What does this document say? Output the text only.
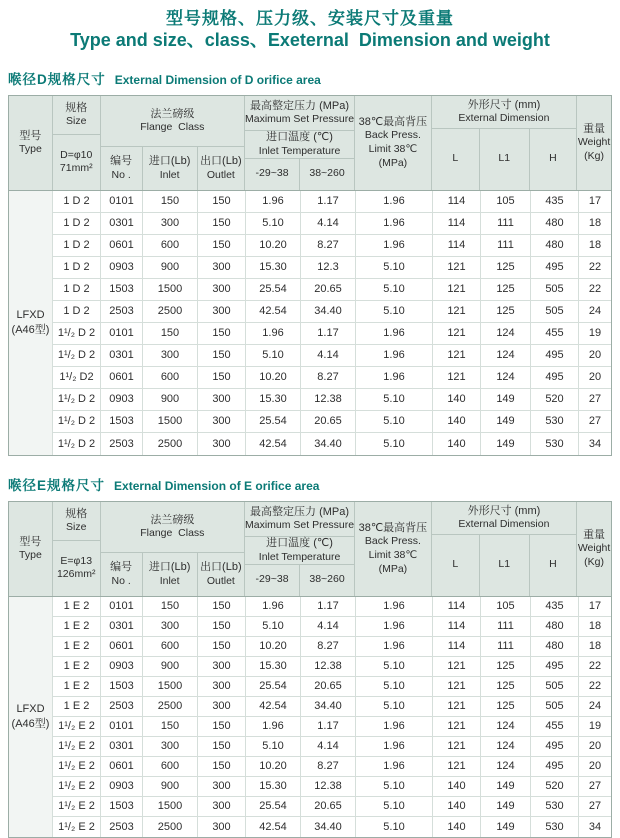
型号规格、压力级、安装尺寸及重量
Type and size、class、Exeternal  Dimension and weight
喉径D规格尺寸 External Dimension of D orifice area
型号
Type
规格
Size
D=φ10
71mm²
法兰磅级
Flange  Class
编号
No .
进口(Lb)
Inlet
出口(Lb)
Outlet
最高整定压力 (MPa)
Maximum Set Pressure
进口温度 (℃)
Inlet Temperature
-29~38 38~260
38℃最高背压
Back Press.
Limit 38℃
(MPa)
外形尺寸 (mm)
External Dimension
L	L1	H
重量
Weight
(Kg)
LFXD
(A46型)
1 D 2	0101	150	150	1.96	1.17	1.96	114	105	435	17
1 D 2	0301	300	150	5.10	4.14	1.96	114	111	480	18
1 D 2	0601	600	150	10.20	8.27	1.96	114	111	480	18
1 D 2	0903	900	300	15.30	12.3	5.10	121	125	495	22
1 D 2	1503	1500	300	25.54	20.65	5.10	121	125	505	22
1 D 2	2503	2500	300	42.54	34.40	5.10	121	125	505	24
1¹/₂ D 2	0101	150	150	1.96	1.17	1.96	121	124	455	19
1¹/₂ D 2	0301	300	150	5.10	4.14	1.96	121	124	495	20
1¹/₂ D2	0601	600	150	10.20	8.27	1.96	121	124	495	20
1¹/₂ D 2	0903	900	300	15.30	12.38	5.10	140	149	520	27
1¹/₂ D 2	1503	1500	300	25.54	20.65	5.10	140	149	530	27
1¹/₂ D 2	2503	2500	300	42.54	34.40	5.10	140	149	530	34
喉径E规格尺寸 External Dimension of E orifice area
型号
Type
规格
Size
E=φ13
126mm²
法兰磅级
Flange  Class
编号
No .
进口(Lb)
Inlet
出口(Lb)
Outlet
最高整定压力 (MPa)
Maximum Set Pressure
进口温度 (℃)
Inlet Temperature
-29~38 38~260
38℃最高背压
Back Press.
Limit 38℃
(MPa)
外形尺寸 (mm)
External Dimension
L	L1	H
重量
Weight
(Kg)
LFXD
(A46型)
1 E 2	0101	150	150	1.96	1.17	1.96	114	105	435	17
1 E 2	0301	300	150	5.10	4.14	1.96	114	111	480	18
1 E 2	0601	600	150	10.20	8.27	1.96	114	111	480	18
1 E 2	0903	900	300	15.30	12.38	5.10	121	125	495	22
1 E 2	1503	1500	300	25.54	20.65	5.10	121	125	505	22
1 E 2	2503	2500	300	42.54	34.40	5.10	121	125	505	24
1¹/₂ E 2	0101	150	150	1.96	1.17	1.96	121	124	455	19
1¹/₂ E 2	0301	300	150	5.10	4.14	1.96	121	124	495	20
1¹/₂ E 2	0601	600	150	10.20	8.27	1.96	121	124	495	20
1¹/₂ E 2	0903	900	300	15.30	12.38	5.10	140	149	520	27
1¹/₂ E 2	1503	1500	300	25.54	20.65	5.10	140	149	530	27
1¹/₂ E 2	2503	2500	300	42.54	34.40	5.10	140	149	530	34
